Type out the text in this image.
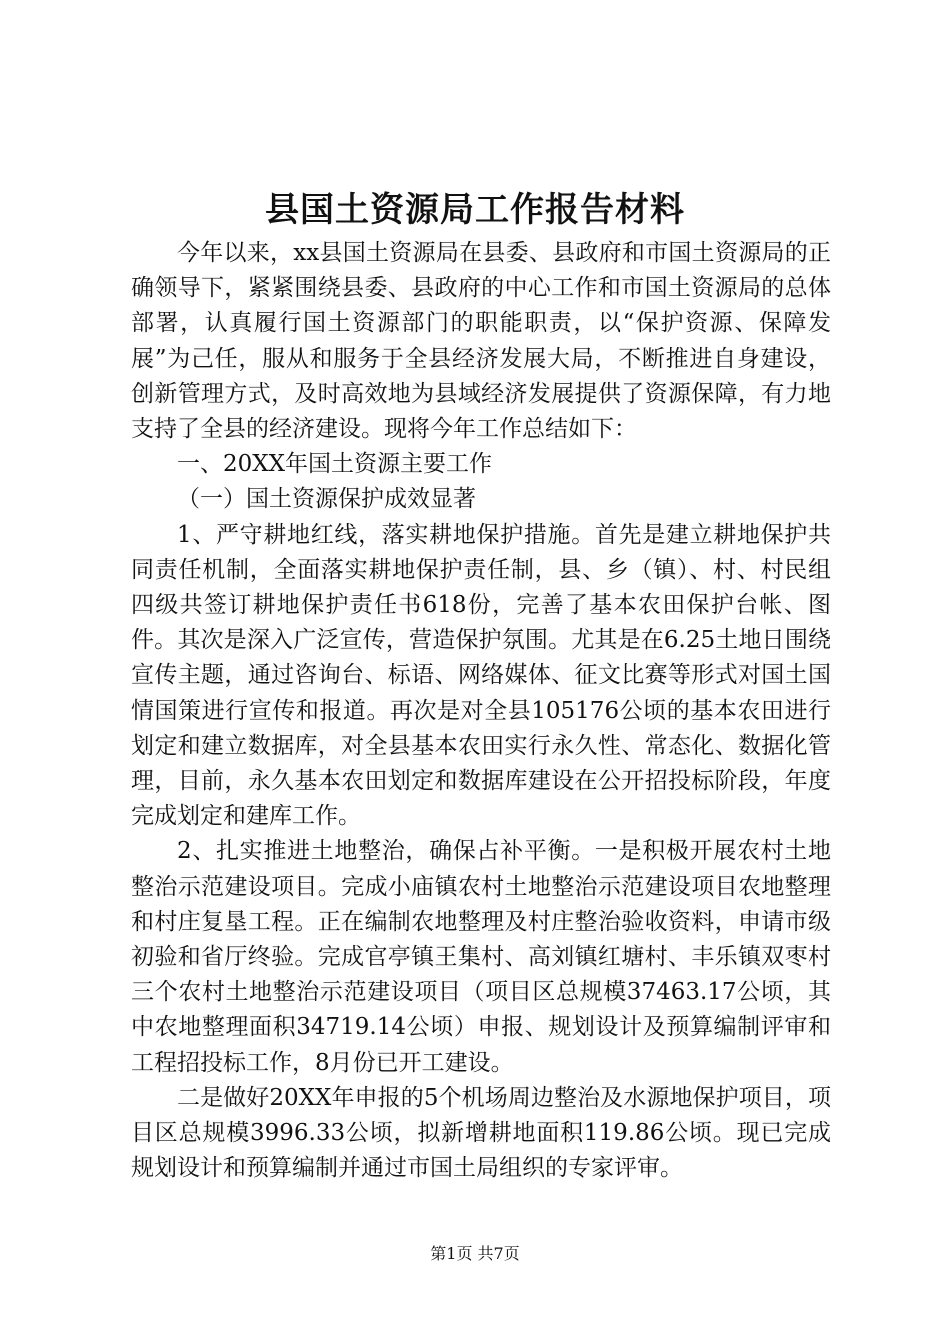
县国土资源局工作报告材料

今年以来，xx县国土资源局在县委、县政府和市国土资源局的正确领导下，紧紧围绕县委、县政府的中心工作和市国土资源局的总体部署，认真履行国土资源部门的职能职责，以“保护资源、保障发展”为己任，服从和服务于全县经济发展大局，不断推进自身建设，创新管理方式，及时高效地为县域经济发展提供了资源保障，有力地支持了全县的经济建设。现将今年工作总结如下：

一、20XX年国土资源主要工作

（一）国土资源保护成效显著

1、严守耕地红线，落实耕地保护措施。首先是建立耕地保护共同责任机制，全面落实耕地保护责任制，县、乡（镇）、村、村民组四级共签订耕地保护责任书618份，完善了基本农田保护台帐、图件。其次是深入广泛宣传，营造保护氛围。尤其是在6.25土地日围绕宣传主题，通过咨询台、标语、网络媒体、征文比赛等形式对国土国情国策进行宣传和报道。再次是对全县105176公顷的基本农田进行划定和建立数据库，对全县基本农田实行永久性、常态化、数据化管理，目前，永久基本农田划定和数据库建设在公开招投标阶段，年度完成划定和建库工作。

2、扎实推进土地整治，确保占补平衡。一是积极开展农村土地整治示范建设项目。完成小庙镇农村土地整治示范建设项目农地整理和村庄复垦工程。正在编制农地整理及村庄整治验收资料，申请市级初验和省厅终验。完成官亭镇王集村、高刘镇红塘村、丰乐镇双枣村三个农村土地整治示范建设项目（项目区总规模37463.17公顷，其中农地整理面积34719.14公顷）申报、规划设计及预算编制评审和工程招投标工作，8月份已开工建设。

二是做好20XX年申报的5个机场周边整治及水源地保护项目，项目区总规模3996.33公顷，拟新增耕地面积119.86公顷。现已完成规划设计和预算编制并通过市国土局组织的专家评审。

第1页 共7页
